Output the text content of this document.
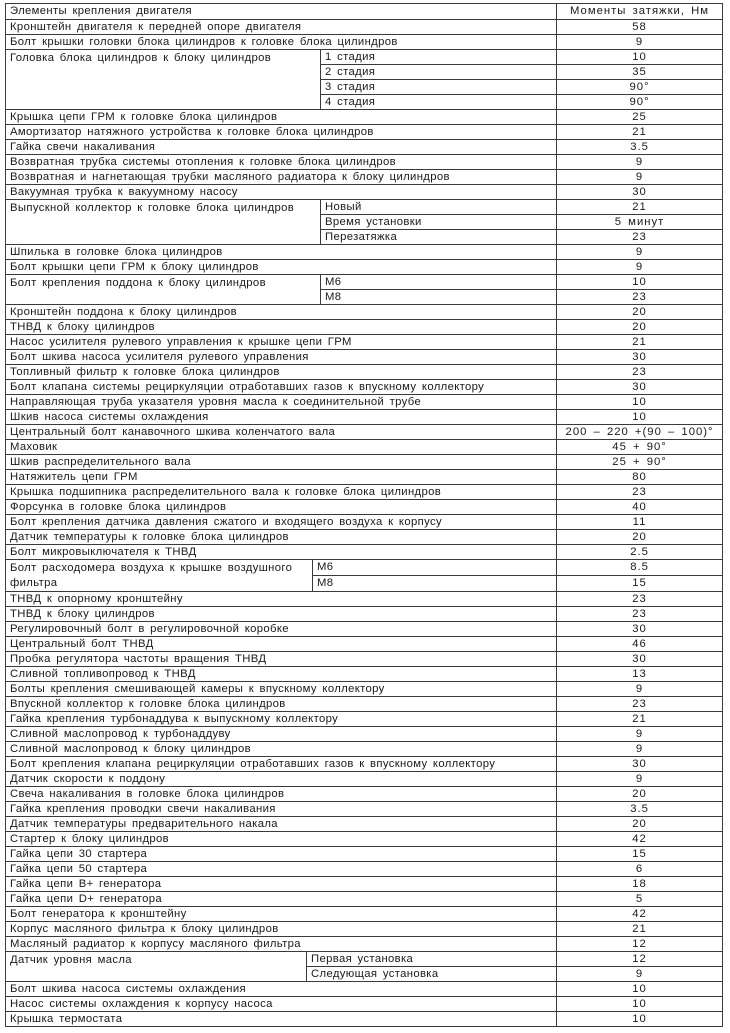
Элементы крепления двигателя				Моменты затяжки, Нм
Кронштейн двигателя к передней опоре двигателя				58
Болт крышки головки блока цилиндров к головке блока цилиндров				9
Головка блока цилиндров к блоку цилиндров			1 стадия	10
			2 стадия	35
			3 стадия	90°
			4 стадия	90°
Крышка цепи ГРМ к головке блока цилиндров				25
Амортизатор натяжного устройства к головке блока цилиндров				21
Гайка свечи накаливания				3.5
Возвратная трубка системы отопления к головке блока цилиндров				9
Возвратная и нагнетающая трубки масляного радиатора к блоку цилиндров				9
Вакуумная трубка к вакуумному насосу				30
Выпускной коллектор к головке блока цилиндров			Новый	21
			Время установки	5 минут
			Перезатяжка	23
Шпилька в головке блока цилиндров				9
Болт крышки цепи ГРМ к блоку цилиндров				9
Болт крепления поддона к блоку цилиндров			M6	10
			M8	23
Кронштейн поддона к блоку цилиндров				20
ТНВД к блоку цилиндров				20
Насос усилителя рулевого управления к крышке цепи ГРМ				21
Болт шкива насоса усилителя рулевого управления				30
Топливный фильтр к головке блока цилиндров				23
Болт клапана системы рециркуляции отработавших газов к впускному коллектору				30
Направляющая труба указателя уровня масла к соединительной трубе				10
Шкив насоса системы охлаждения				10
Центральный болт канавочного шкива коленчатого вала				200 – 220 +(90 – 100)°
Маховик				45 + 90°
Шкив распределительного вала				25 + 90°
Натяжитель цепи ГРМ				80
Крышка подшипника распределительного вала к головке блока цилиндров				23
Форсунка в головке блока цилиндров				40
Болт крепления датчика давления сжатого и входящего воздуха к корпусу				11
Датчик температуры к головке блока цилиндров				20
Болт микровыключателя к ТНВД				2.5
Болт расходомера воздуха к крышке воздушного фильтра		M6		8.5
		M8		15
ТНВД к опорному кронштейну				23
ТНВД к блоку цилиндров				23
Регулировочный болт в регулировочной коробке				30
Центральный болт ТНВД				46
Пробка регулятора частоты вращения ТНВД				30
Сливной топливопровод к ТНВД				13
Болты крепления смешивающей камеры к впускному коллектору				9
Впускной коллектор к головке блока цилиндров				23
Гайка крепления турбонаддува к выпускному коллектору				21
Сливной маслопровод к турбонаддуву				9
Сливной маслопровод к блоку цилиндров				9
Болт крепления клапана рециркуляции отработавших газов к впускному коллектору				30
Датчик скорости к поддону				9
Свеча накаливания в головке блока цилиндров				20
Гайка крепления проводки свечи накаливания				3.5
Датчик температуры предварительного накала				20
Стартер к блоку цилиндров				42
Гайка цепи 30 стартера				15
Гайка цепи 50 стартера				6
Гайка цепи B+ генератора				18
Гайка цепи D+ генератора				5
Болт генератора к кронштейну				42
Корпус масляного фильтра к блоку цилиндров				21
Масляный радиатор к корпусу масляного фильтра				12
Датчик уровня масла	Первая установка			12
	Следующая установка			9
Болт шкива насоса системы охлаждения				10
Насос системы охлаждения к корпусу насоса				10
Крышка термостата				10
